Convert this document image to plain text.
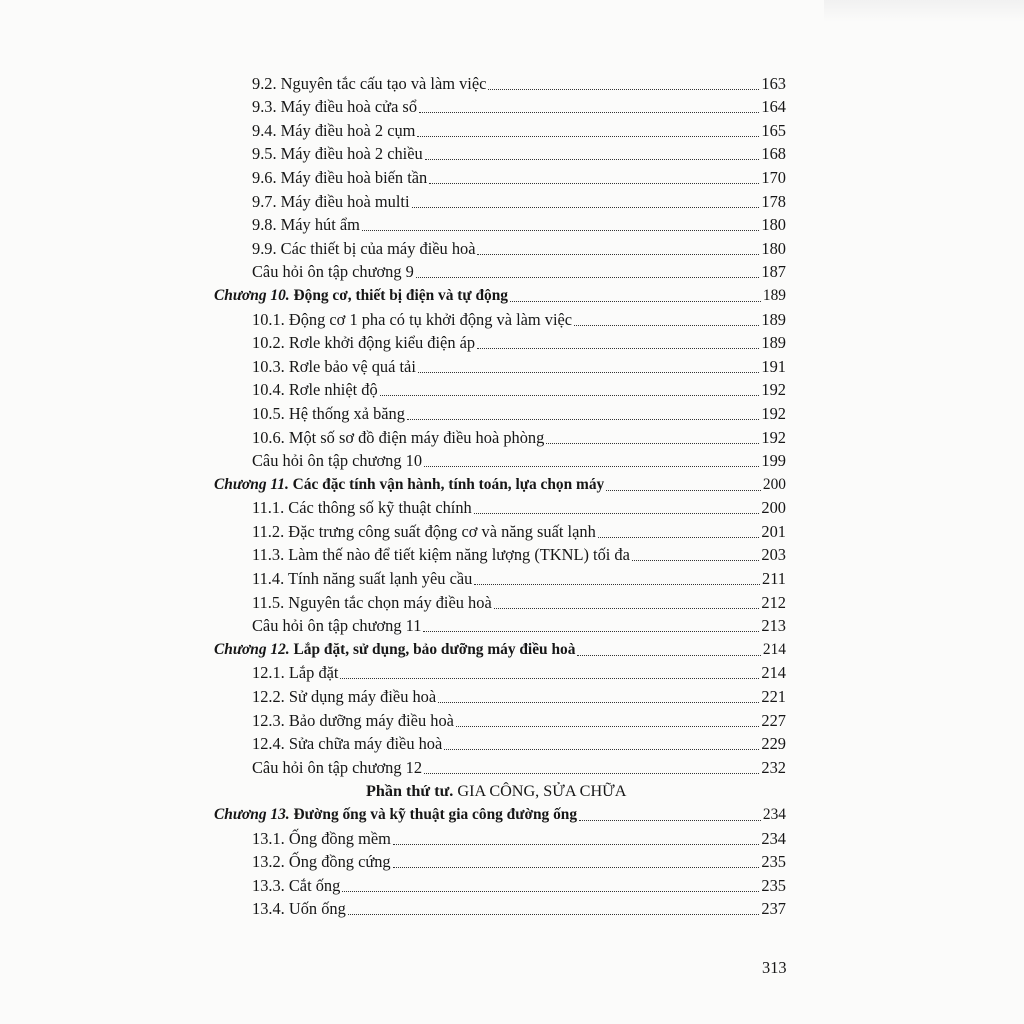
9.2. Nguyên tắc cấu tạo và làm việc	163
9.3. Máy điều hoà cửa sổ	164
9.4. Máy điều hoà 2 cụm	165
9.5. Máy điều hoà 2 chiều	168
9.6. Máy điều hoà biến tần	170
9.7. Máy điều hoà multi	178
9.8. Máy hút ẩm	180
9.9. Các thiết bị của máy điều hoà	180
Câu hỏi ôn tập chương 9	187
Chương 10. Động cơ, thiết bị điện và tự động	189
10.1. Động cơ 1 pha có tụ khởi động và làm việc	189
10.2. Rơle khởi động kiểu điện áp	189
10.3. Rơle bảo vệ quá tải	191
10.4. Rơle nhiệt độ	192
10.5. Hệ thống xả băng	192
10.6. Một số sơ đồ điện máy điều hoà phòng	192
Câu hỏi ôn tập chương 10	199
Chương 11. Các đặc tính vận hành, tính toán, lựa chọn máy	200
11.1. Các thông số kỹ thuật chính	200
11.2. Đặc trưng công suất động cơ và năng suất lạnh	201
11.3. Làm thế nào để tiết kiệm năng lượng (TKNL) tối đa	203
11.4. Tính năng suất lạnh yêu cầu	211
11.5. Nguyên tắc chọn máy điều hoà	212
Câu hỏi ôn tập chương 11	213
Chương 12. Lắp đặt, sử dụng, bảo dưỡng máy điều hoà	214
12.1. Lắp đặt	214
12.2. Sử dụng máy điều hoà	221
12.3. Bảo dưỡng máy điều hoà	227
12.4. Sửa chữa máy điều hoà	229
Câu hỏi ôn tập chương 12	232
Phần thứ tư.
GIA CÔNG, SỬA CHỮA
Chương 13. Đường ống và kỹ thuật gia công đường ống	234
13.1. Ống đồng mềm	234
13.2. Ống đồng cứng	235
13.3. Cắt ống	235
13.4. Uốn ống	237
313
